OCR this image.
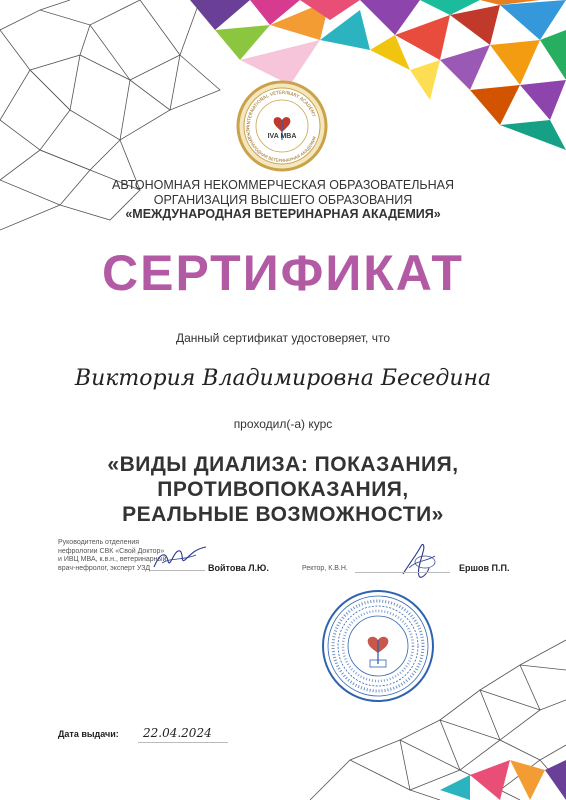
INTERNATIONAL VETERINARY ACADEMY
МЕЖДУНАРОДНАЯ ВЕТЕРИНАРНАЯ АКАДЕМИЯ
IVA MBA
АВТОНОМНАЯ НЕКОММЕРЧЕСКАЯ ОБРАЗОВАТЕЛЬНАЯ
ОРГАНИЗАЦИЯ ВЫСШЕГО ОБРАЗОВАНИЯ
«МЕЖДУНАРОДНАЯ ВЕТЕРИНАРНАЯ АКАДЕМИЯ»
СЕРТИФИКАТ
Данный сертификат удостоверяет, что
Виктория Владимировна Беседина
проходил(-а) курс
«ВИДЫ ДИАЛИЗА: ПОКАЗАНИЯ,
ПРОТИВОПОКАЗАНИЯ,
РЕАЛЬНЫЕ ВОЗМОЖНОСТИ»
Руководитель отделения
нефрологии СВК «Свой Доктор»
и ИВЦ МВА, к.в.н., ветеринарный
врач-нефролог, эксперт УЗД	Войтова Л.Ю.	Ректор, К.В.Н.	Ершов П.П.
Дата выдачи: 22.04.2024
